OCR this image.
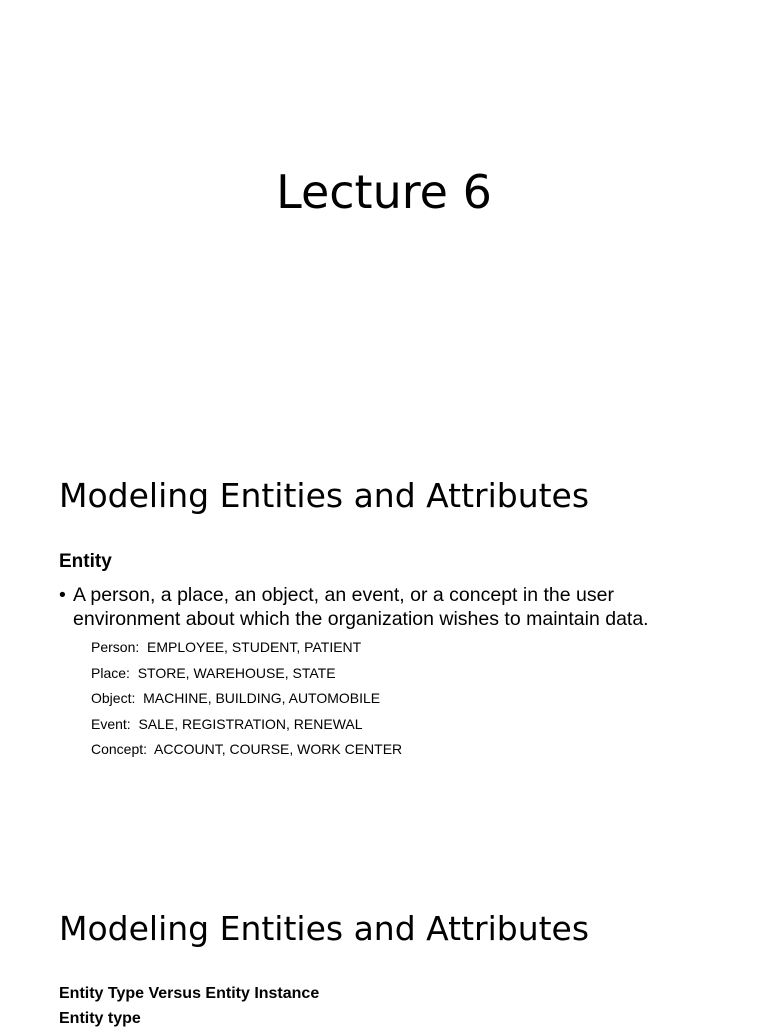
Lecture 6
Modeling Entities and Attributes
Entity
• A person, a place, an object, an event, or a concept in the user environment about which the organization wishes to maintain data.
Person:  EMPLOYEE, STUDENT, PATIENT
Place:  STORE, WAREHOUSE, STATE
Object:  MACHINE, BUILDING, AUTOMOBILE
Event:  SALE, REGISTRATION, RENEWAL
Concept:  ACCOUNT, COURSE, WORK CENTER
Modeling Entities and Attributes
Entity Type Versus Entity Instance
Entity type
